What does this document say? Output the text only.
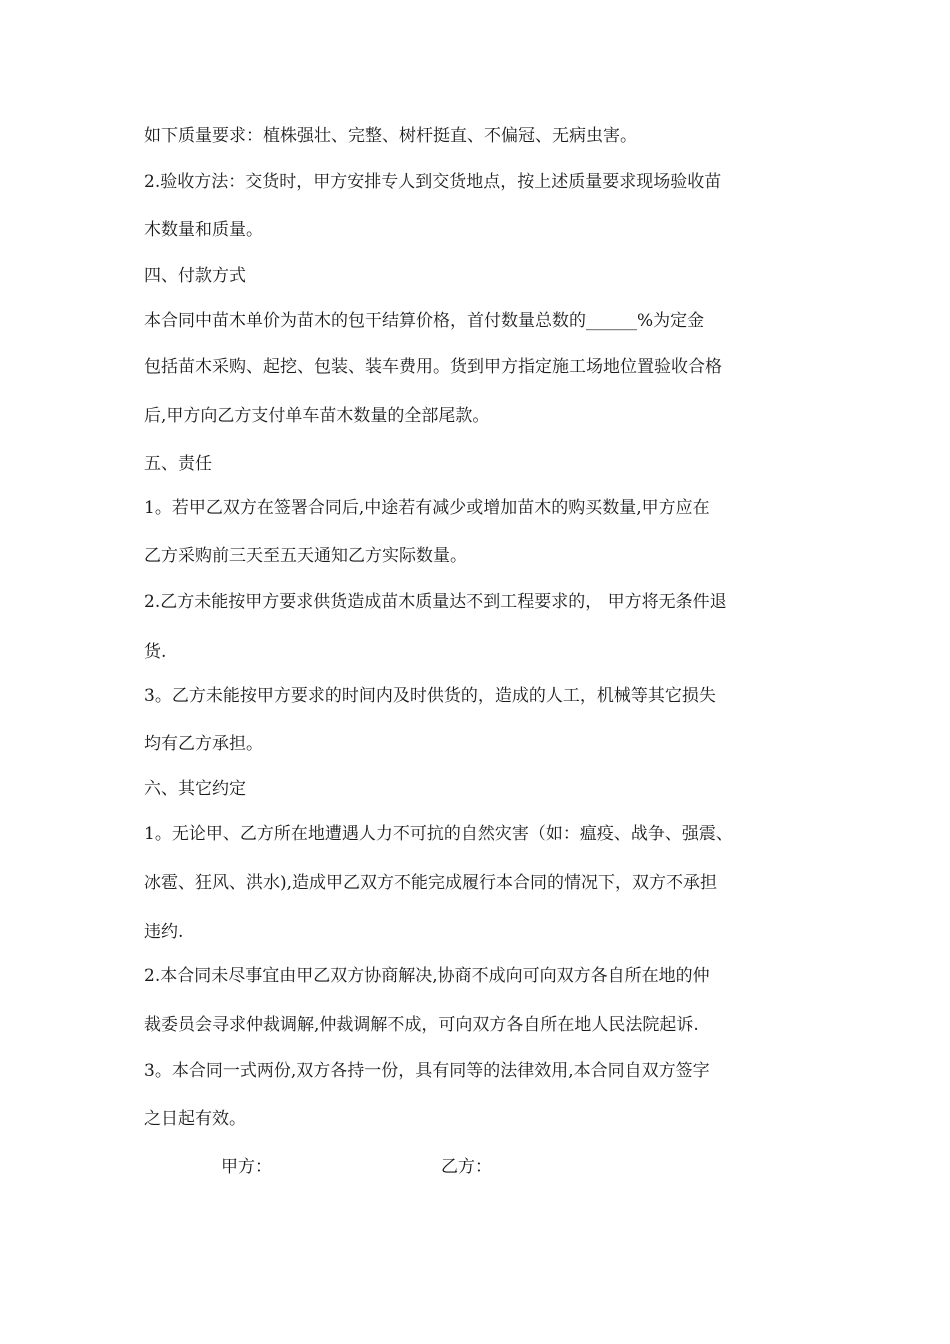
如下质量要求：植株强壮、完整、树杆挺直、不偏冠、无病虫害。
2.验收方法：交货时，甲方安排专人到交货地点，按上述质量要求现场验收苗
木数量和质量。
四、付款方式
本合同中苗木单价为苗木的包干结算价格，首付数量总数的______%为定金
包括苗木采购、起挖、包装、装车费用。货到甲方指定施工场地位置验收合格
后,甲方向乙方支付单车苗木数量的全部尾款。
五、责任
1。若甲乙双方在签署合同后,中途若有减少或增加苗木的购买数量,甲方应在
乙方采购前三天至五天通知乙方实际数量。
2.乙方未能按甲方要求供货造成苗木质量达不到工程要求的， 甲方将无条件退
货.
3。乙方未能按甲方要求的时间内及时供货的，造成的人工，机械等其它损失
均有乙方承担。
六、其它约定
1。无论甲、乙方所在地遭遇人力不可抗的自然灾害（如：瘟疫、战争、强震、
冰雹、狂风、洪水),造成甲乙双方不能完成履行本合同的情况下，双方不承担
违约.
2.本合同未尽事宜由甲乙双方协商解决,协商不成向可向双方各自所在地的仲
裁委员会寻求仲裁调解,仲裁调解不成，可向双方各自所在地人民法院起诉.
3。本合同一式两份,双方各持一份，具有同等的法律效用,本合同自双方签字
之日起有效。
甲方：	乙方：
